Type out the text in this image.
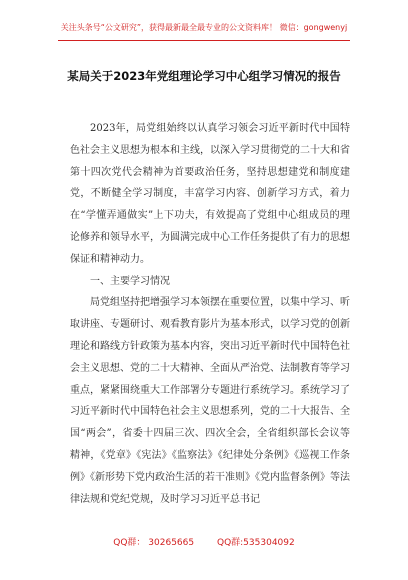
关注头条号“公文研究”，获得最新最全最专业的公文资料库！ 微信：gongwenyj
某局关于2023年党组理论学习中心组学习情况的报告

2023年，局党组始终以认真学习领会习近平新时代中国特色社会主义思想为根本和主线，以深入学习贯彻党的二十大和省第十四次党代会精神为首要政治任务，坚持思想建党和制度建党，不断健全学习制度，丰富学习内容、创新学习方式，着力在“学懂弄通做实”上下功夫，有效提高了党组中心组成员的理论修养和领导水平，为圆满完成中心工作任务提供了有力的思想保证和精神动力。

一、主要学习情况

局党组坚持把增强学习本领摆在重要位置，以集中学习、听取讲座、专题研讨、观看教育影片为基本形式，以学习党的创新理论和路线方针政策为基本内容，突出习近平新时代中国特色社会主义思想、党的二十大精神、全面从严治党、法制教育等学习重点，紧紧围绕重大工作部署分专题进行系统学习。系统学习了习近平新时代中国特色社会主义思想系列，党的二十大报告、全国“两会”，省委十四届三次、四次全会，全省组织部长会议等精神，《党章》《宪法》《监察法》《纪律处分条例》《巡视工作条例》《新形势下党内政治生活的若干准则》《党内监督条例》等法律法规和党纪党规，及时学习习近平总书记

QQ群： 30265665	QQ群:535304092
